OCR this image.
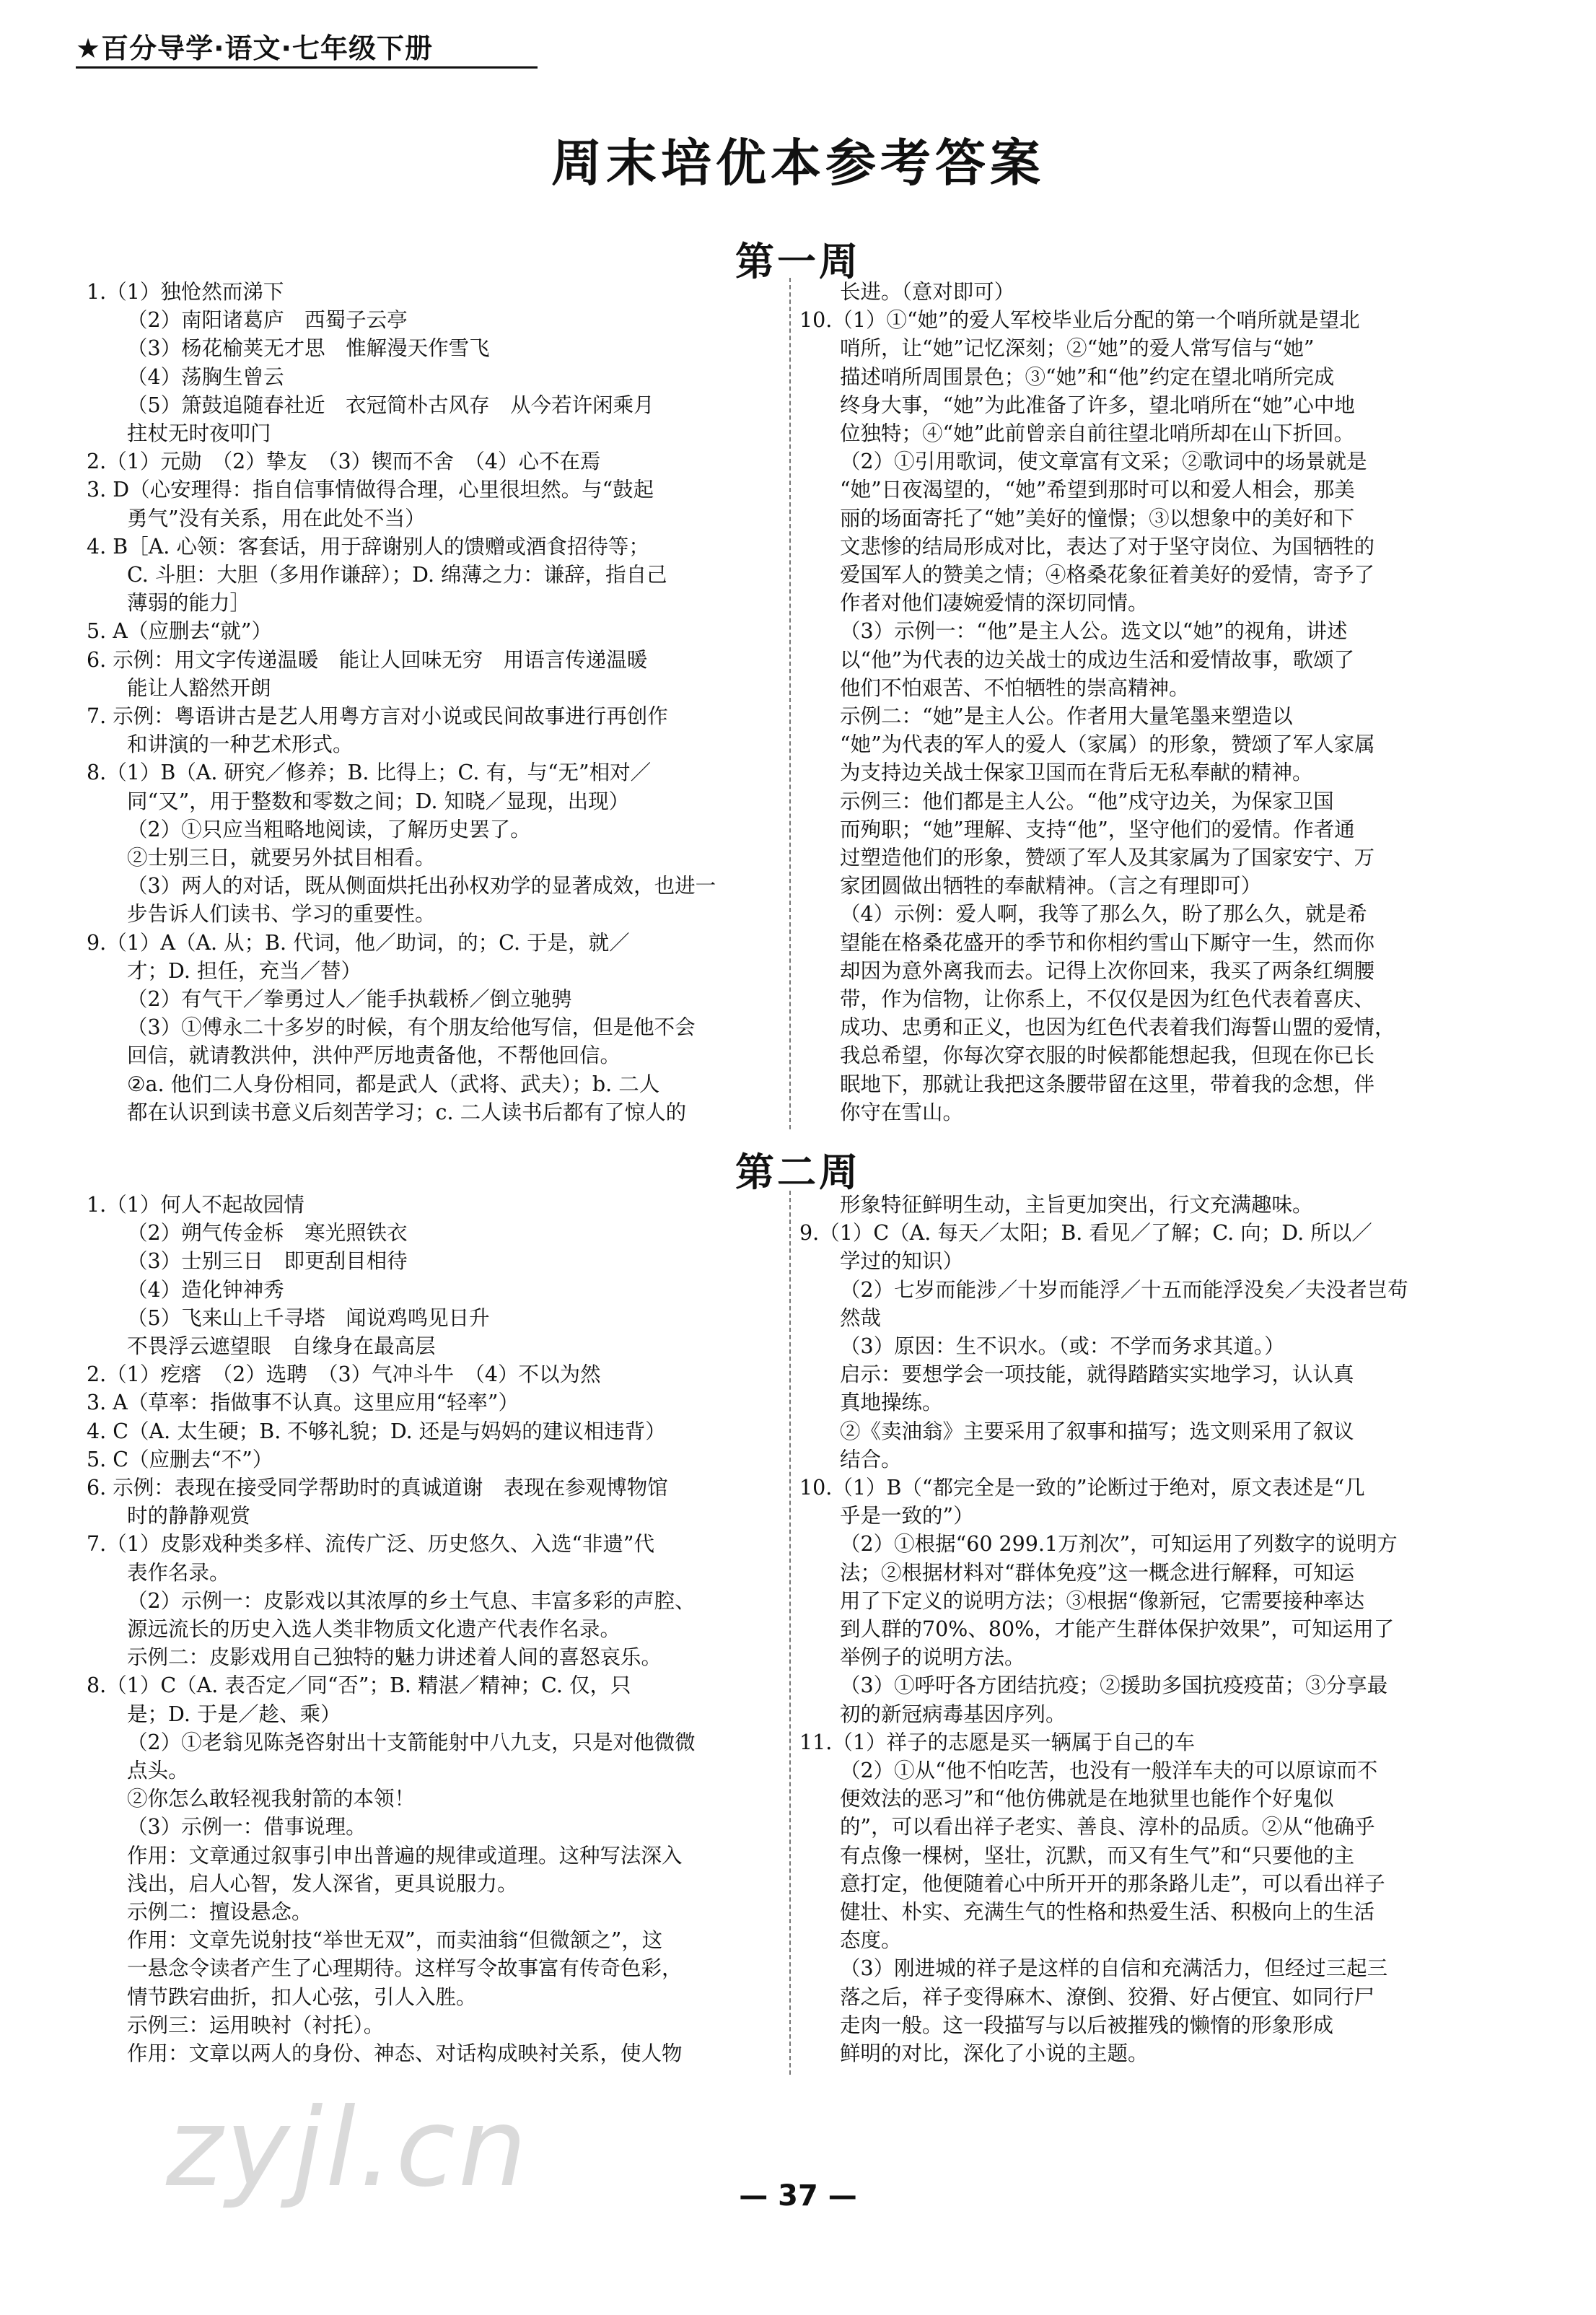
★百分导学·语文·七年级下册
周末培优本参考答案
第一周

1.（1）独怆然而涕下

（2）南阳诸葛庐　西蜀子云亭

（3）杨花榆荚无才思　惟解漫天作雪飞

（4）荡胸生曾云

（5）箫鼓追随春社近　衣冠简朴古风存　从今若许闲乘月

拄杖无时夜叩门

2.（1）元勋　（2）挚友　（3）锲而不舍　（4）心不在焉

3. D（心安理得：指自信事情做得合理，心里很坦然。与“鼓起

勇气”没有关系，用在此处不当）

4. B［A. 心领：客套话，用于辞谢别人的馈赠或酒食招待等；

C. 斗胆：大胆（多用作谦辞）；D. 绵薄之力：谦辞，指自己

薄弱的能力］

5. A（应删去“就”）

6. 示例：用文字传递温暖　能让人回味无穷　用语言传递温暖

能让人豁然开朗

7. 示例：粤语讲古是艺人用粤方言对小说或民间故事进行再创作

和讲演的一种艺术形式。

8.（1）B（A. 研究／修养；B. 比得上；C. 有，与“无”相对／

同“又”，用于整数和零数之间；D. 知晓／显现，出现）

（2）①只应当粗略地阅读，了解历史罢了。

②士别三日，就要另外拭目相看。

（3）两人的对话，既从侧面烘托出孙权劝学的显著成效，也进一

步告诉人们读书、学习的重要性。

9.（1）A（A. 从；B. 代词，他／助词，的；C. 于是，就／

才；D. 担任，充当／替）

（2）有气干／拳勇过人／能手执载桥／倒立驰骋

（3）①傅永二十多岁的时候，有个朋友给他写信，但是他不会

回信，就请教洪仲，洪仲严厉地责备他，不帮他回信。

②a. 他们二人身份相同，都是武人（武将、武夫）；b. 二人

都在认识到读书意义后刻苦学习；c. 二人读书后都有了惊人的

长进。（意对即可）

10.（1）①“她”的爱人军校毕业后分配的第一个哨所就是望北

哨所，让“她”记忆深刻；②“她”的爱人常写信与“她”

描述哨所周围景色；③“她”和“他”约定在望北哨所完成

终身大事，“她”为此准备了许多，望北哨所在“她”心中地

位独特；④“她”此前曾亲自前往望北哨所却在山下折回。

（2）①引用歌词，使文章富有文采；②歌词中的场景就是

“她”日夜渴望的，“她”希望到那时可以和爱人相会，那美

丽的场面寄托了“她”美好的憧憬；③以想象中的美好和下

文悲惨的结局形成对比，表达了对于坚守岗位、为国牺牲的

爱国军人的赞美之情；④格桑花象征着美好的爱情，寄予了

作者对他们凄婉爱情的深切同情。

（3）示例一：“他”是主人公。选文以“她”的视角，讲述

以“他”为代表的边关战士的成边生活和爱情故事，歌颂了

他们不怕艰苦、不怕牺牲的崇高精神。

示例二：“她”是主人公。作者用大量笔墨来塑造以

“她”为代表的军人的爱人（家属）的形象，赞颂了军人家属

为支持边关战士保家卫国而在背后无私奉献的精神。

示例三：他们都是主人公。“他”戍守边关，为保家卫国

而殉职；“她”理解、支持“他”，坚守他们的爱情。作者通

过塑造他们的形象，赞颂了军人及其家属为了国家安宁、万

家团圆做出牺牲的奉献精神。（言之有理即可）

（4）示例：爱人啊，我等了那么久，盼了那么久，就是希

望能在格桑花盛开的季节和你相约雪山下厮守一生，然而你

却因为意外离我而去。记得上次你回来，我买了两条红绸腰

带，作为信物，让你系上，不仅仅是因为红色代表着喜庆、

成功、忠勇和正义，也因为红色代表着我们海誓山盟的爱情，

我总希望，你每次穿衣服的时候都能想起我，但现在你已长

眠地下，那就让我把这条腰带留在这里，带着我的念想，伴

你守在雪山。

第二周

1.（1）何人不起故园情

（2）朔气传金柝　寒光照铁衣

（3）士别三日　即更刮目相待

（4）造化钟神秀

（5）飞来山上千寻塔　闻说鸡鸣见日升

不畏浮云遮望眼　自缘身在最高层

2.（1）疙瘩　（2）选聘　（3）气冲斗牛　（4）不以为然

3. A（草率：指做事不认真。这里应用“轻率”）

4. C（A. 太生硬；B. 不够礼貌；D. 还是与妈妈的建议相违背）

5. C（应删去“不”）

6. 示例：表现在接受同学帮助时的真诚道谢　表现在参观博物馆

时的静静观赏

7.（1）皮影戏种类多样、流传广泛、历史悠久、入选“非遗”代

表作名录。

（2）示例一：皮影戏以其浓厚的乡土气息、丰富多彩的声腔、

源远流长的历史入选人类非物质文化遗产代表作名录。

示例二：皮影戏用自己独特的魅力讲述着人间的喜怒哀乐。

8.（1）C（A. 表否定／同“否”；B. 精湛／精神；C. 仅，只

是；D. 于是／趁、乘）

（2）①老翁见陈尧咨射出十支箭能射中八九支，只是对他微微

点头。

②你怎么敢轻视我射箭的本领！

（3）示例一：借事说理。

作用：文章通过叙事引申出普遍的规律或道理。这种写法深入

浅出，启人心智，发人深省，更具说服力。

示例二：擅设悬念。

作用：文章先说射技“举世无双”，而卖油翁“但微颔之”，这

一悬念令读者产生了心理期待。这样写令故事富有传奇色彩，

情节跌宕曲折，扣人心弦，引人入胜。

示例三：运用映衬（衬托）。

作用：文章以两人的身份、神态、对话构成映衬关系，使人物

形象特征鲜明生动，主旨更加突出，行文充满趣味。

9.（1）C（A. 每天／太阳；B. 看见／了解；C. 向；D. 所以／

学过的知识）

（2）七岁而能涉／十岁而能浮／十五而能浮没矣／夫没者岂苟

然哉

（3）原因：生不识水。（或：不学而务求其道。）

启示：要想学会一项技能，就得踏踏实实地学习，认认真

真地操练。

②《卖油翁》主要采用了叙事和描写；选文则采用了叙议

结合。

10.（1）B（“都完全是一致的”论断过于绝对，原文表述是“几

乎是一致的”）

（2）①根据“60 299.1万剂次”，可知运用了列数字的说明方

法；②根据材料对“群体免疫”这一概念进行解释，可知运

用了下定义的说明方法；③根据“像新冠，它需要接种率达

到人群的70%、80%，才能产生群体保护效果”，可知运用了

举例子的说明方法。

（3）①呼吁各方团结抗疫；②援助多国抗疫疫苗；③分享最

初的新冠病毒基因序列。

11.（1）祥子的志愿是买一辆属于自己的车

（2）①从“他不怕吃苦，也没有一般洋车夫的可以原谅而不

便效法的恶习”和“他仿佛就是在地狱里也能作个好鬼似

的”，可以看出祥子老实、善良、淳朴的品质。②从“他确乎

有点像一棵树，坚壮，沉默，而又有生气”和“只要他的主

意打定，他便随着心中所开开的那条路儿走”，可以看出祥子

健壮、朴实、充满生气的性格和热爱生活、积极向上的生活

态度。

（3）刚进城的祥子是这样的自信和充满活力，但经过三起三

落之后，祥子变得麻木、潦倒、狡猾、好占便宜、如同行尸

走肉一般。这一段描写与以后被摧残的懒惰的形象形成

鲜明的对比，深化了小说的主题。

zyjl.cn	— 37 —
